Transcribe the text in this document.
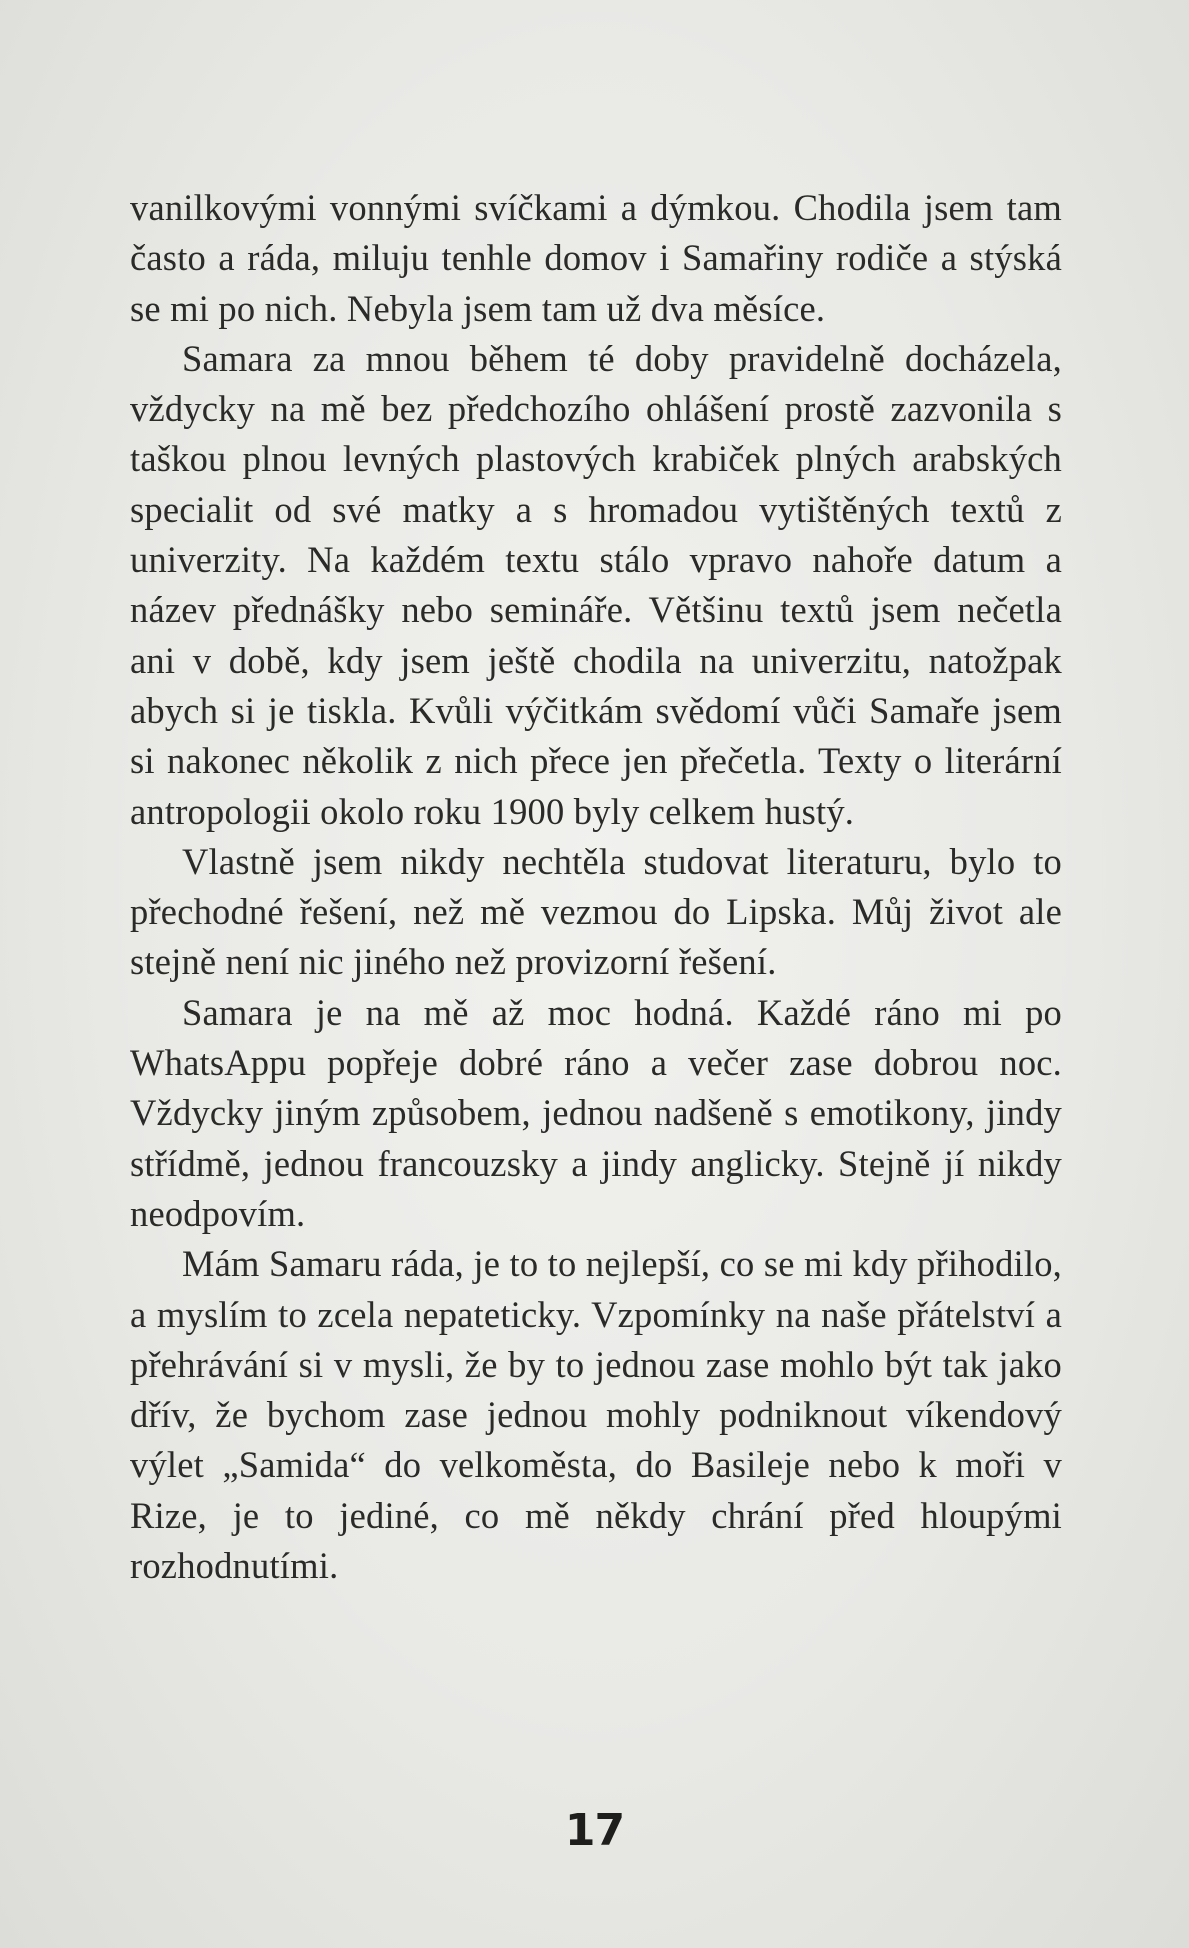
vanilkovými vonnými svíčkami a dýmkou. Chodila jsem tam často a ráda, miluju tenhle domov i Samařiny rodiče a stýská se mi po nich. Nebyla jsem tam už dva měsíce.

Samara za mnou během té doby pravidelně docházela, vždycky na mě bez předchozího ohlášení prostě zazvonila s taškou plnou levných plastových krabiček plných arabských specialit od své matky a s hromadou vytištěných textů z univerzity. Na každém textu stálo vpravo nahoře datum a název přednášky nebo semináře. Většinu textů jsem nečetla ani v době, kdy jsem ještě chodila na univerzitu, natožpak abych si je tiskla. Kvůli výčitkám svědomí vůči Samaře jsem si nakonec několik z nich přece jen přečetla. Texty o literární antropologii okolo roku 1900 byly celkem hustý.

Vlastně jsem nikdy nechtěla studovat literaturu, bylo to přechodné řešení, než mě vezmou do Lipska. Můj život ale stejně není nic jiného než provizorní řešení.

Samara je na mě až moc hodná. Každé ráno mi po WhatsAppu popřeje dobré ráno a večer zase dobrou noc. Vždycky jiným způsobem, jednou nadšeně s emotikony, jindy střídmě, jednou francouzsky a jindy anglicky. Stejně jí nikdy neodpovím.

Mám Samaru ráda, je to to nejlepší, co se mi kdy přihodilo, a myslím to zcela nepateticky. Vzpomínky na naše přátelství a přehrávání si v mysli, že by to jednou zase mohlo být tak jako dřív, že bychom zase jednou mohly podniknout víkendový výlet „Samida“ do velkoměsta, do Basileje nebo k moři v Rize, je to jediné, co mě někdy chrání před hloupými rozhodnutími.

17
